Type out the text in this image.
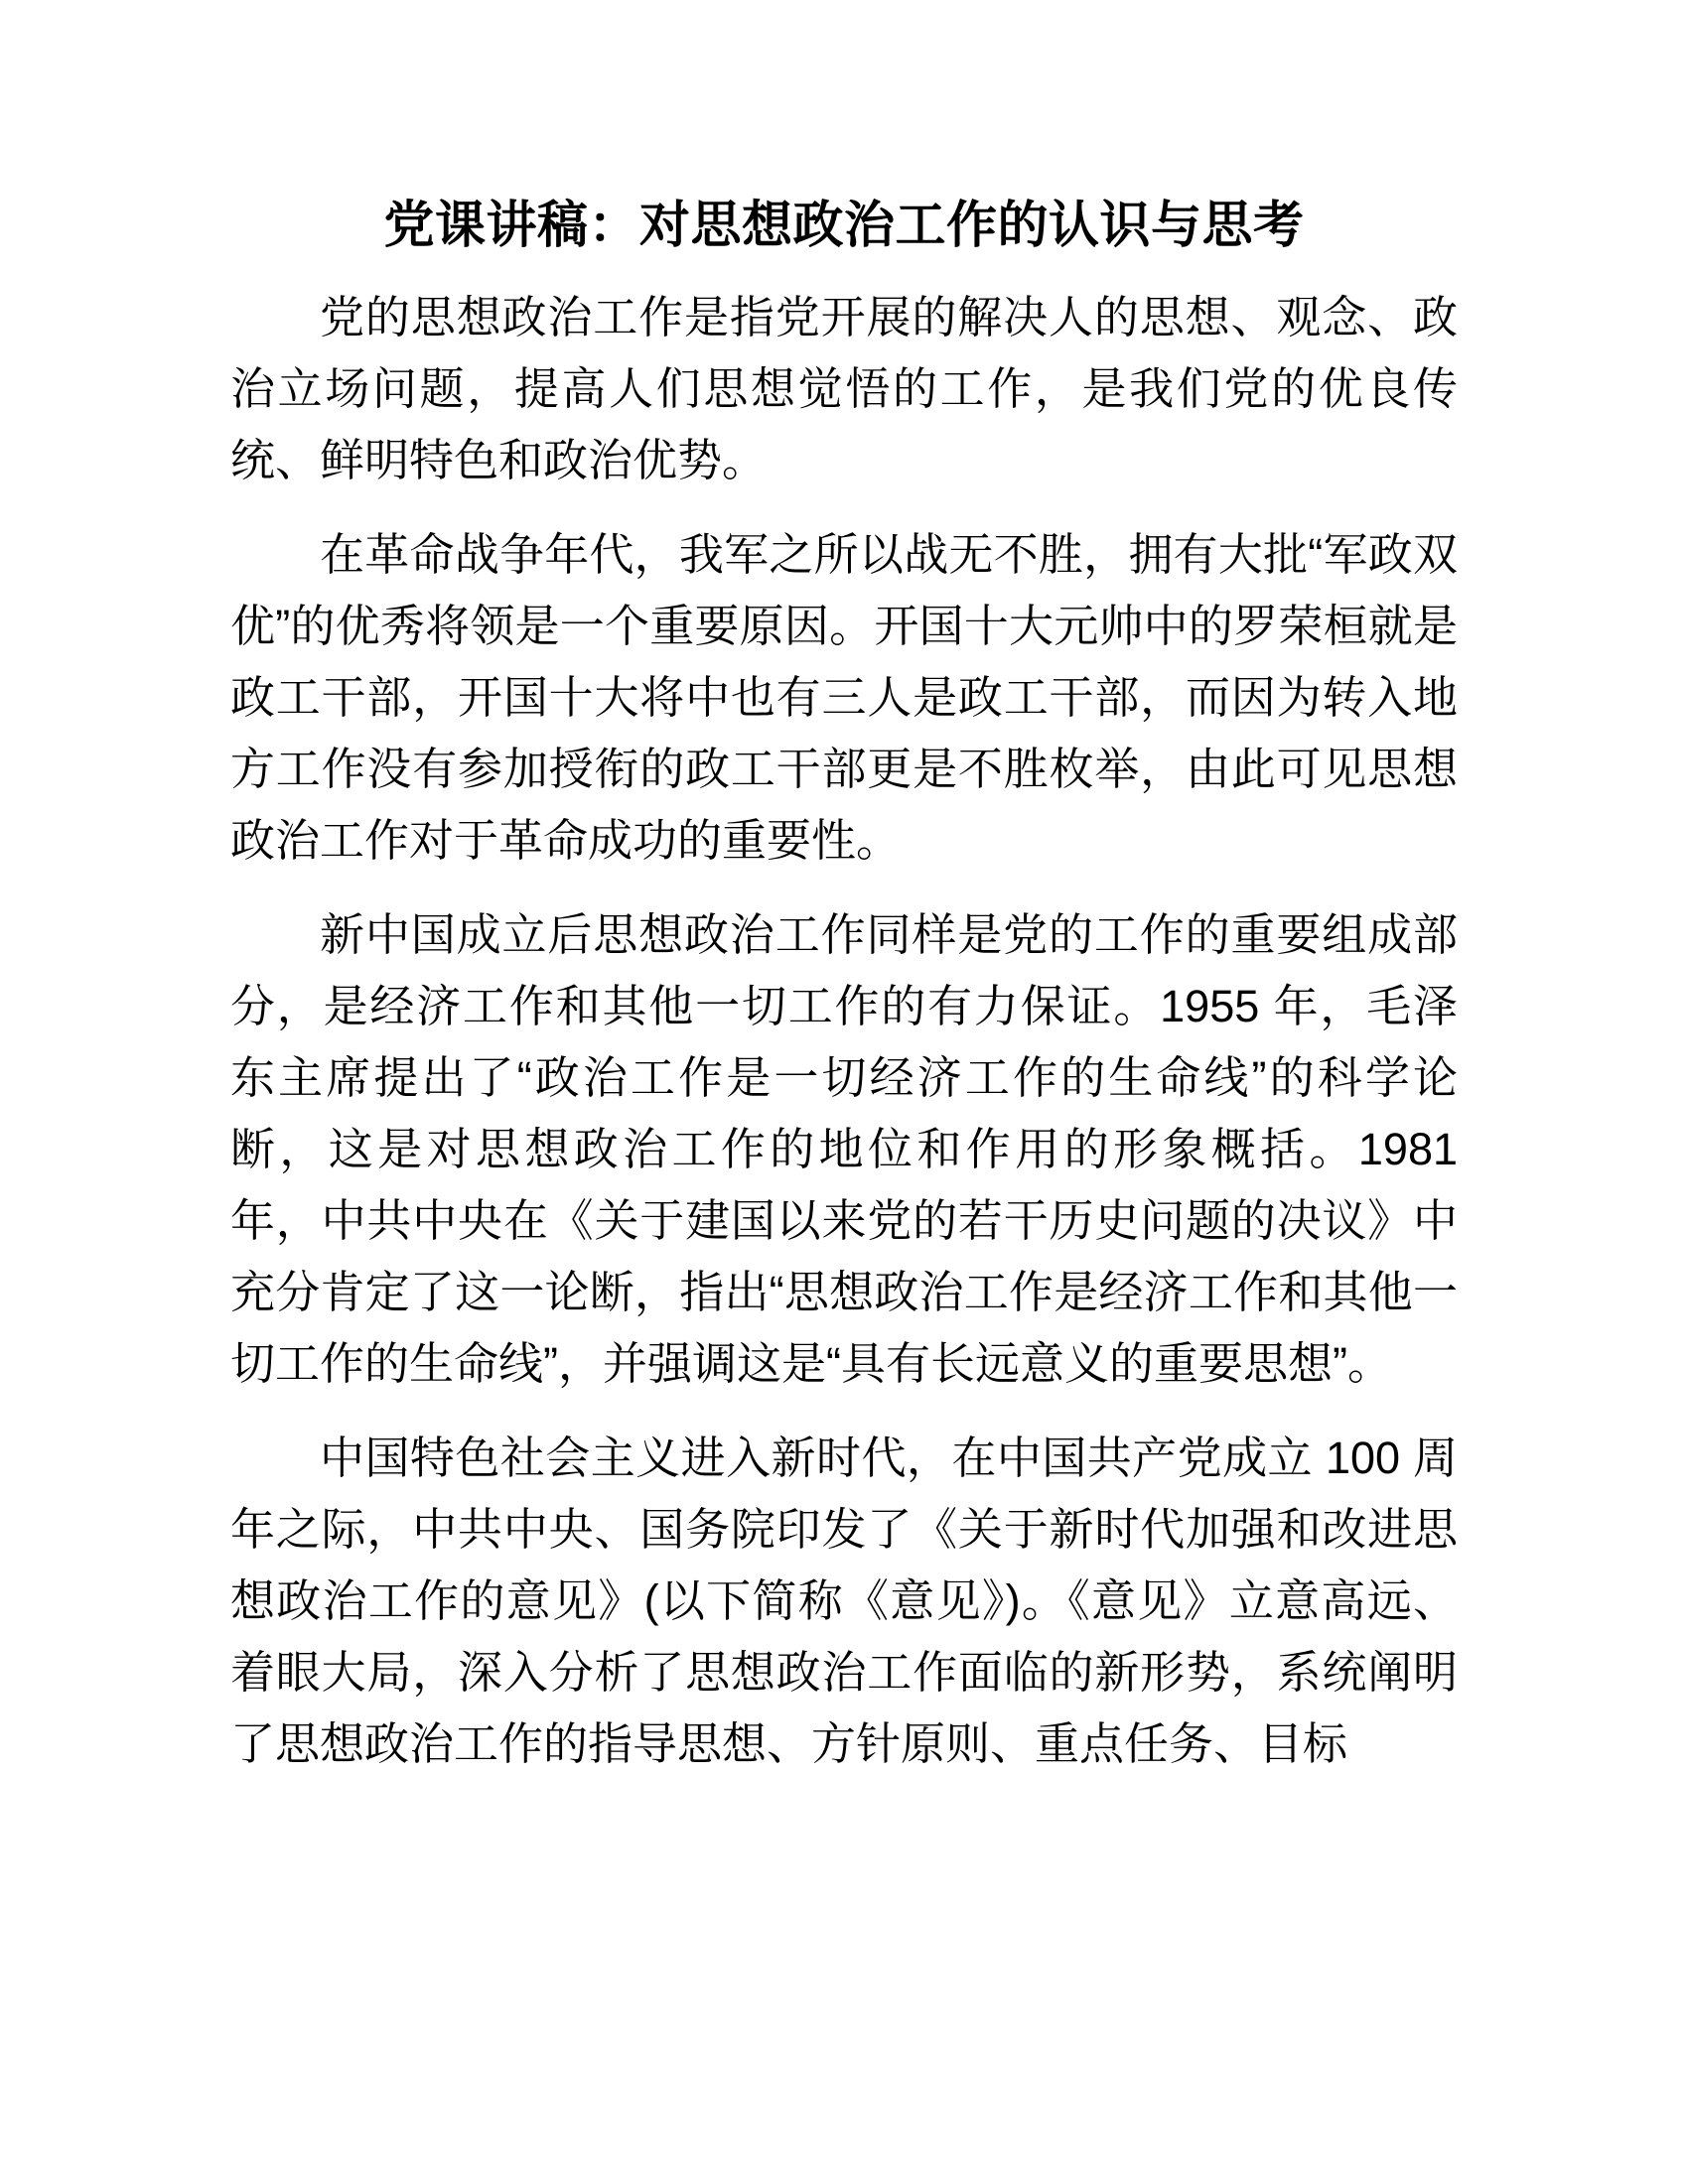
党课讲稿：对思想政治工作的认识与思考

党的思想政治工作是指党开展的解决人的思想、观念、政治立场问题，提高人们思想觉悟的工作，是我们党的优良传统、鲜明特色和政治优势。

在革命战争年代，我军之所以战无不胜，拥有大批“军政双优”的优秀将领是一个重要原因。开国十大元帅中的罗荣桓就是政工干部，开国十大将中也有三人是政工干部，而因为转入地方工作没有参加授衔的政工干部更是不胜枚举，由此可见思想政治工作对于革命成功的重要性。

新中国成立后思想政治工作同样是党的工作的重要组成部分，是经济工作和其他一切工作的有力保证。1955 年，毛泽东主席提出了“政治工作是一切经济工作的生命线”的科学论断，这是对思想政治工作的地位和作用的形象概括。1981 年，中共中央在《关于建国以来党的若干历史问题的决议》中充分肯定了这一论断，指出“思想政治工作是经济工作和其他一切工作的生命线”，并强调这是“具有长远意义的重要思想”。

中国特色社会主义进入新时代，在中国共产党成立 100 周年之际，中共中央、国务院印发了《关于新时代加强和改进思想政治工作的意见》(以下简称《意见》)。《意见》立意高远、着眼大局，深入分析了思想政治工作面临的新形势，系统阐明了思想政治工作的指导思想、方针原则、重点任务、目标
